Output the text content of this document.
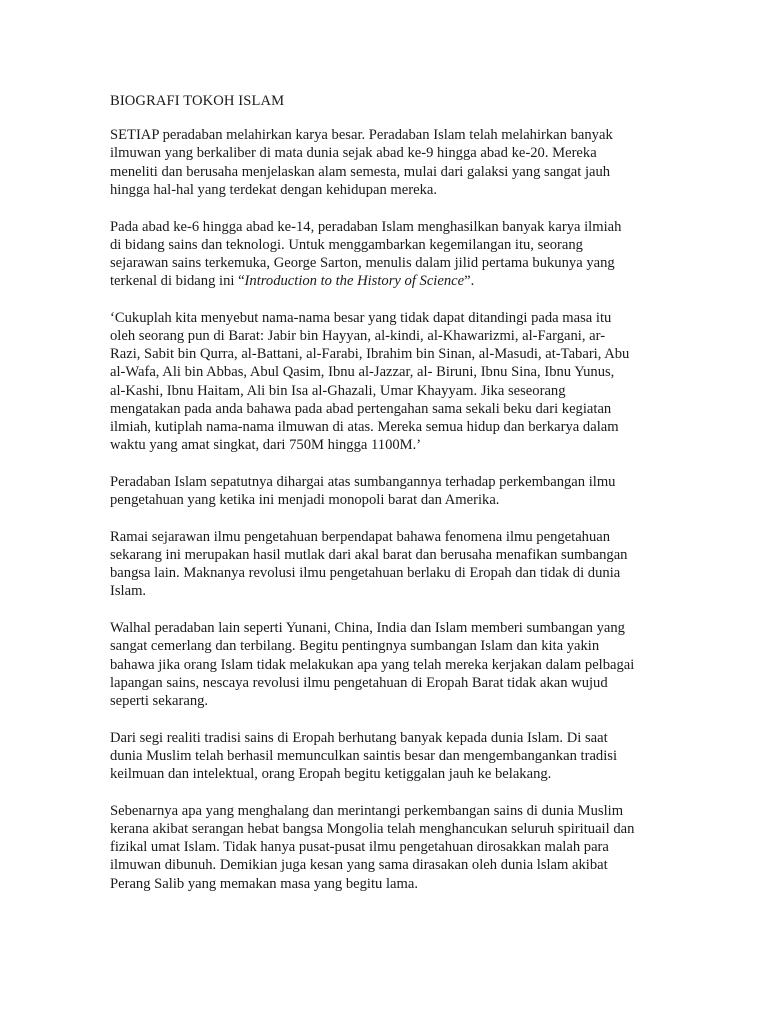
BIOGRAFI TOKOH ISLAM

SETIAP peradaban melahirkan karya besar. Peradaban Islam telah melahirkan banyak
ilmuwan yang berkaliber di mata dunia sejak abad ke-9 hingga abad ke-20. Mereka
meneliti dan berusaha menjelaskan alam semesta, mulai dari galaksi yang sangat jauh
hingga hal-hal yang terdekat dengan kehidupan mereka.

Pada abad ke-6 hingga abad ke-14, peradaban Islam menghasilkan banyak karya ilmiah
di bidang sains dan teknologi. Untuk menggambarkan kegemilangan itu, seorang
sejarawan sains terkemuka, George Sarton, menulis dalam jilid pertama bukunya yang
terkenal di bidang ini “Introduction to the History of Science”.

‘Cukuplah kita menyebut nama-nama besar yang tidak dapat ditandingi pada masa itu
oleh seorang pun di Barat: Jabir bin Hayyan, al-kindi, al-Khawarizmi, al-Fargani, ar-
Razi, Sabit bin Qurra, al-Battani, al-Farabi, Ibrahim bin Sinan, al-Masudi, at-Tabari, Abu
al-Wafa, Ali bin Abbas, Abul Qasim, Ibnu al-Jazzar, al- Biruni, Ibnu Sina, Ibnu Yunus,
al-Kashi, Ibnu Haitam, Ali bin Isa al-Ghazali, Umar Khayyam. Jika seseorang
mengatakan pada anda bahawa pada abad pertengahan sama sekali beku dari kegiatan
ilmiah, kutiplah nama-nama ilmuwan di atas. Mereka semua hidup dan berkarya dalam
waktu yang amat singkat, dari 750M hingga 1100M.’

Peradaban Islam sepatutnya dihargai atas sumbangannya terhadap perkembangan ilmu
pengetahuan yang ketika ini menjadi monopoli barat dan Amerika.

Ramai sejarawan ilmu pengetahuan berpendapat bahawa fenomena ilmu pengetahuan
sekarang ini merupakan hasil mutlak dari akal barat dan berusaha menafikan sumbangan
bangsa lain. Maknanya revolusi ilmu pengetahuan berlaku di Eropah dan tidak di dunia
Islam.

Walhal peradaban lain seperti Yunani, China, India dan Islam memberi sumbangan yang
sangat cemerlang dan terbilang. Begitu pentingnya sumbangan Islam dan kita yakin
bahawa jika orang Islam tidak melakukan apa yang telah mereka kerjakan dalam pelbagai
lapangan sains, nescaya revolusi ilmu pengetahuan di Eropah Barat tidak akan wujud
seperti sekarang.

Dari segi realiti tradisi sains di Eropah berhutang banyak kepada dunia Islam. Di saat
dunia Muslim telah berhasil memunculkan saintis besar dan mengembangankan tradisi
keilmuan dan intelektual, orang Eropah begitu ketiggalan jauh ke belakang.

Sebenarnya apa yang menghalang dan merintangi perkembangan sains di dunia Muslim
kerana akibat serangan hebat bangsa Mongolia telah menghancukan seluruh spirituail dan
fizikal umat Islam. Tidak hanya pusat-pusat ilmu pengetahuan dirosakkan malah para
ilmuwan dibunuh. Demikian juga kesan yang sama dirasakan oleh dunia lslam akibat
Perang Salib yang memakan masa yang begitu lama.
